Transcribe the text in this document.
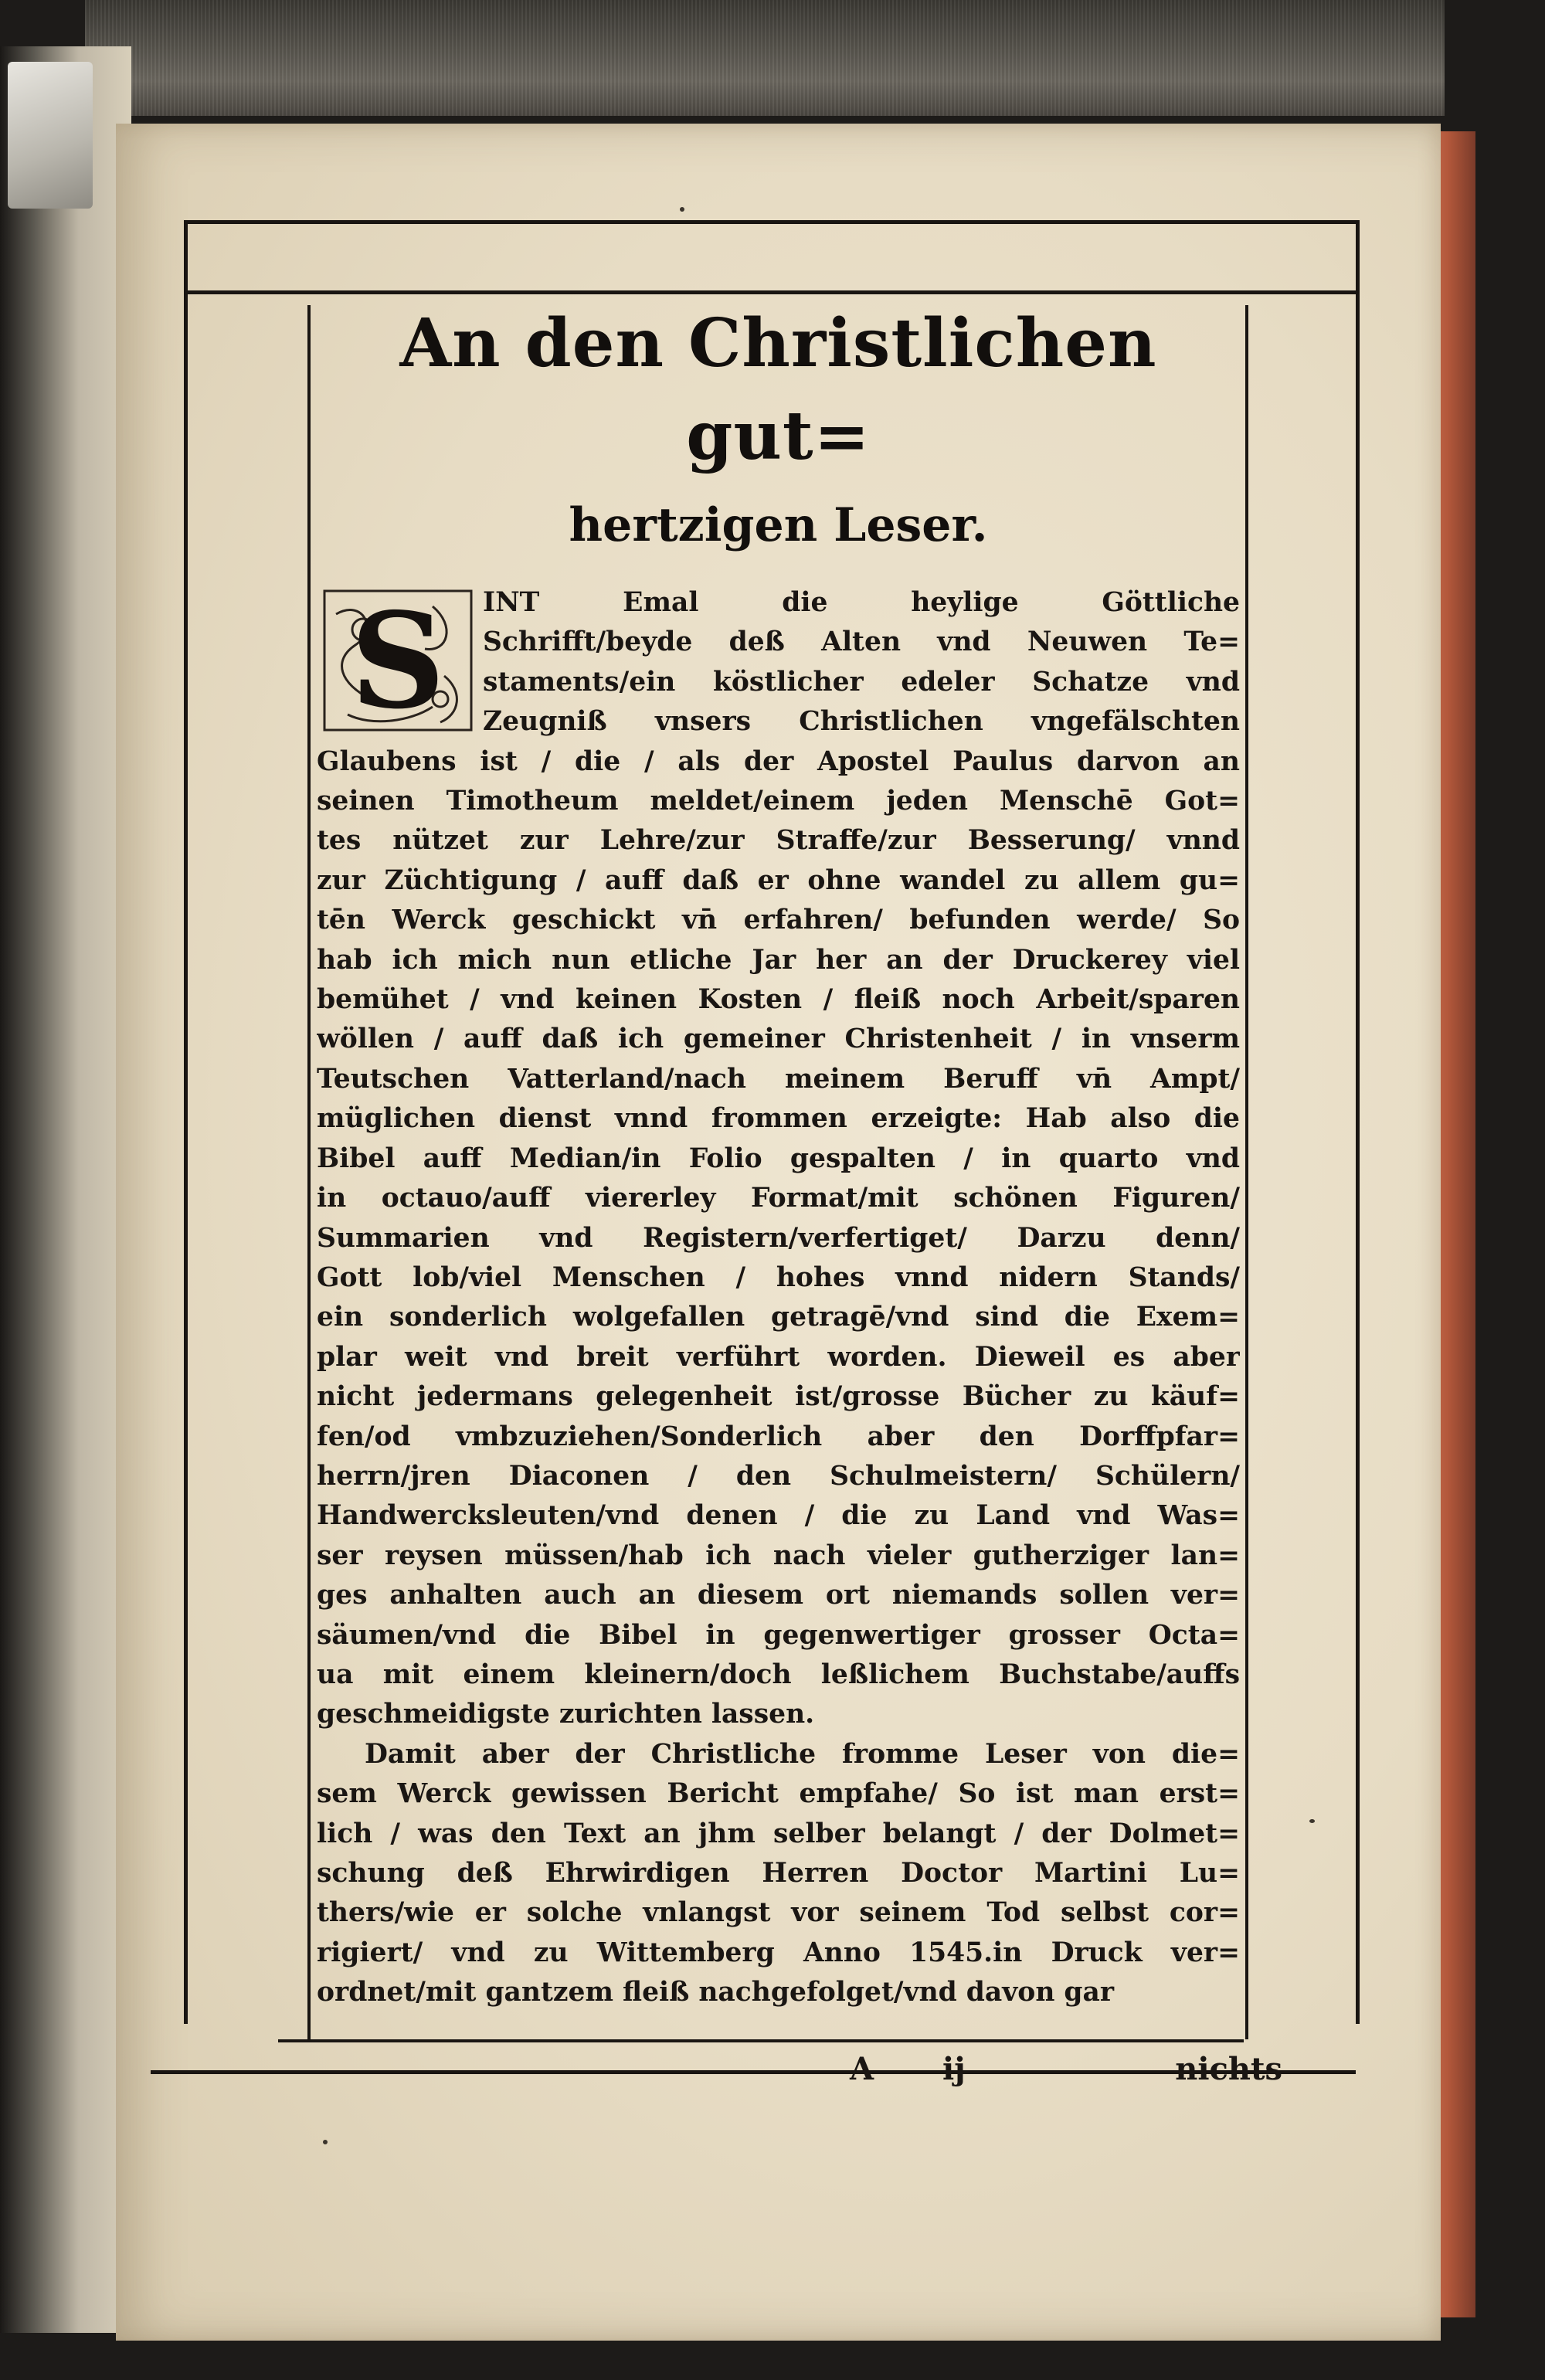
An den Christlichen gut=
hertzigen Leser.
S	INT Emal die heylige Göttliche
Schrifft/beyde deß Alten vnd Neuwen Te=
staments/ein köstlicher edeler Schatze vnd
Zeugniß vnsers Christlichen vngefälschten
Glaubens ist / die / als der Apostel Paulus darvon an
seinen Timotheum meldet/einem jeden Menschē Got=
tes nützet zur Lehre/zur Straffe/zur Besserung/ vnnd
zur Züchtigung / auff daß er ohne wandel zu allem gu=
tēn Werck geschickt vn̄ erfahren/ befunden werde/ So
hab ich mich nun etliche Jar her an der Druckerey viel
bemühet / vnd keinen Kosten / fleiß noch Arbeit/sparen
wöllen / auff daß ich gemeiner Christenheit / in vnserm
Teutschen Vatterland/nach meinem Beruff vn̄ Ampt/
müglichen dienst vnnd frommen erzeigte: Hab also die
Bibel auff Median/in Folio gespalten / in quarto vnd
in octauo/auff viererley Format/mit schönen Figuren/
Summarien vnd Registern/verfertiget/ Darzu denn/
Gott lob/viel Menschen / hohes vnnd nidern Stands/
ein sonderlich wolgefallen getragē/vnd sind die Exem=
plar weit vnd breit verführt worden. Dieweil es aber
nicht jedermans gelegenheit ist/grosse Bücher zu käuf=
fen/od vmbzuziehen/Sonderlich aber den Dorffpfar=
herrn/jren Diaconen / den Schulmeistern/ Schülern/
Handwercksleuten/vnd denen / die zu Land vnd Was=
ser reysen müssen/hab ich nach vieler gutherziger lan=
ges anhalten auch an diesem ort niemands sollen ver=
säumen/vnd die Bibel in gegenwertiger grosser Octa=
ua mit einem kleinern/doch leßlichem Buchstabe/auffs
geschmeidigste zurichten lassen.
Damit aber der Christliche fromme Leser von die=
sem Werck gewissen Bericht empfahe/ So ist man erst=
lich / was den Text an jhm selber belangt / der Dolmet=
schung deß Ehrwirdigen Herren Doctor Martini Lu=
thers/wie er solche vnlangst vor seinem Tod selbst cor=
rigiert/ vnd zu Wittemberg Anno 1545.in Druck ver=
ordnet/mit gantzem fleiß nachgefolget/vnd davon gar
A ij	nichts
